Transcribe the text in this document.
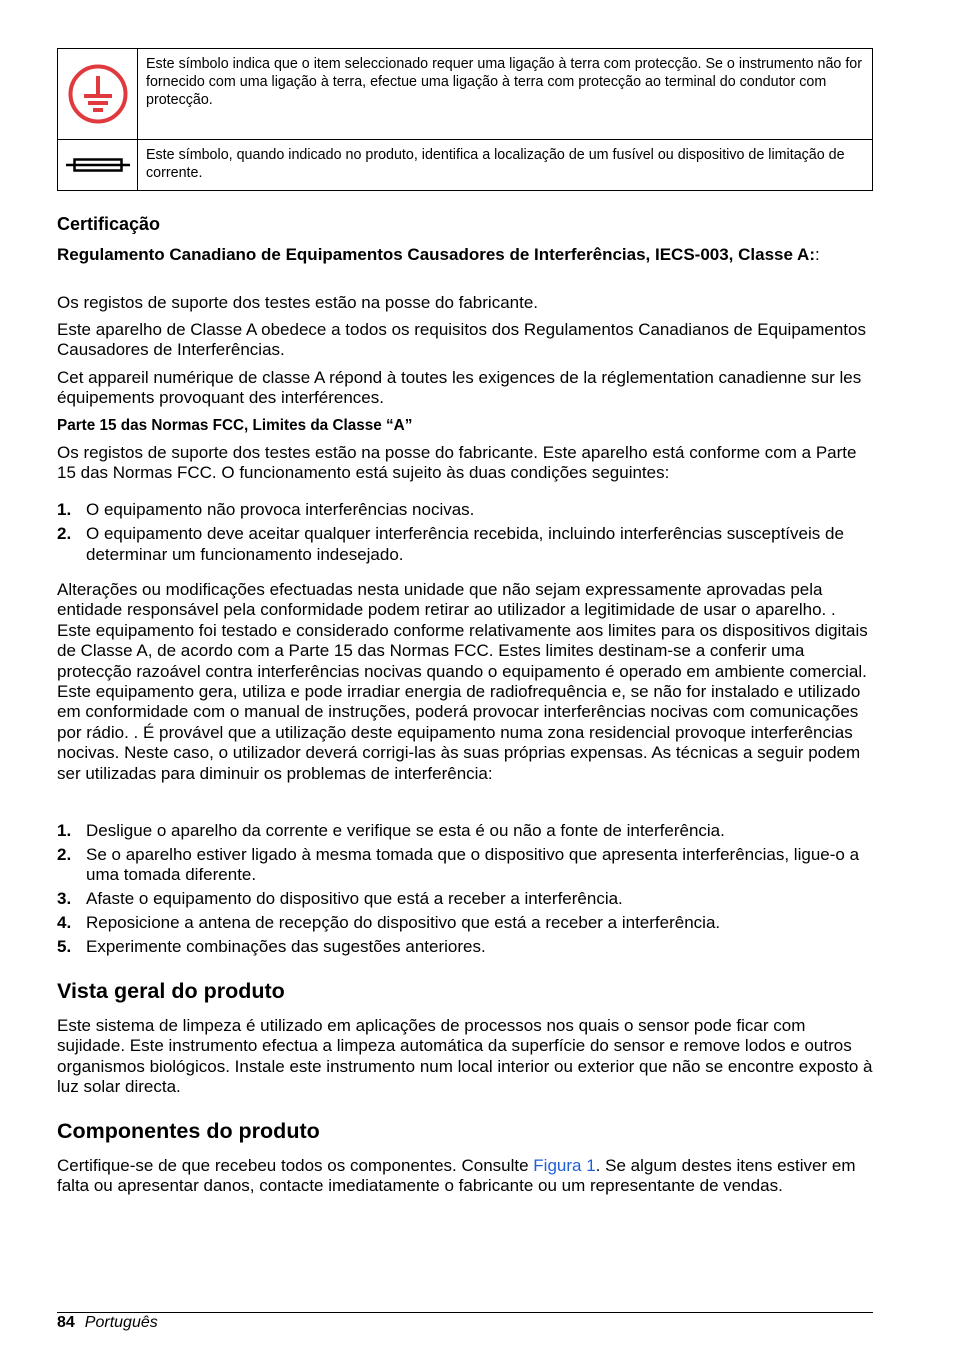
	Este símbolo indica que o item seleccionado requer uma ligação à terra com protecção. Se o instrumento não for fornecido com uma ligação à terra, efectue uma ligação à terra com protecção ao terminal do condutor com protecção.

	Este símbolo, quando indicado no produto, identifica a localização de um fusível ou dispositivo de limitação de corrente.
Certificação
Regulamento Canadiano de Equipamentos Causadores de Interferências, IECS-003, Classe A::
Os registos de suporte dos testes estão na posse do fabricante.
Este aparelho de Classe A obedece a todos os requisitos dos Regulamentos Canadianos de Equipamentos Causadores de Interferências.
Cet appareil numérique de classe A répond à toutes les exigences de la réglementation canadienne sur les équipements provoquant des interférences.
Parte 15 das Normas FCC, Limites da Classe “A”
Os registos de suporte dos testes estão na posse do fabricante. Este aparelho está conforme com a Parte 15 das Normas FCC. O funcionamento está sujeito às duas condições seguintes:
1. O equipamento não provoca interferências nocivas.
2. O equipamento deve aceitar qualquer interferência recebida, incluindo interferências susceptíveis de determinar um funcionamento indesejado.
Alterações ou modificações efectuadas nesta unidade que não sejam expressamente aprovadas pela entidade responsável pela conformidade podem retirar ao utilizador a legitimidade de usar o aparelho. . Este equipamento foi testado e considerado conforme relativamente aos limites para os dispositivos digitais de Classe A, de acordo com a Parte 15 das Normas FCC. Estes limites destinam-se a conferir uma protecção razoável contra interferências nocivas quando o equipamento é operado em ambiente comercial. Este equipamento gera, utiliza e pode irradiar energia de radiofrequência e, se não for instalado e utilizado em conformidade com o manual de instruções, poderá provocar interferências nocivas com comunicações por rádio. . É provável que a utilização deste equipamento numa zona residencial provoque interferências nocivas. Neste caso, o utilizador deverá corrigi-las às suas próprias expensas. As técnicas a seguir podem ser utilizadas para diminuir os problemas de interferência:
1. Desligue o aparelho da corrente e verifique se esta é ou não a fonte de interferência.
2. Se o aparelho estiver ligado à mesma tomada que o dispositivo que apresenta interferências, ligue-o a uma tomada diferente.
3. Afaste o equipamento do dispositivo que está a receber a interferência.
4. Reposicione a antena de recepção do dispositivo que está a receber a interferência.
5. Experimente combinações das sugestões anteriores.
Vista geral do produto
Este sistema de limpeza é utilizado em aplicações de processos nos quais o sensor pode ficar com sujidade. Este instrumento efectua a limpeza automática da superfície do sensor e remove lodos e outros organismos biológicos. Instale este instrumento num local interior ou exterior que não se encontre exposto à luz solar directa.
Componentes do produto
Certifique-se de que recebeu todos os componentes. Consulte Figura 1. Se algum destes itens estiver em falta ou apresentar danos, contacte imediatamente o fabricante ou um representante de vendas.
84 Português
